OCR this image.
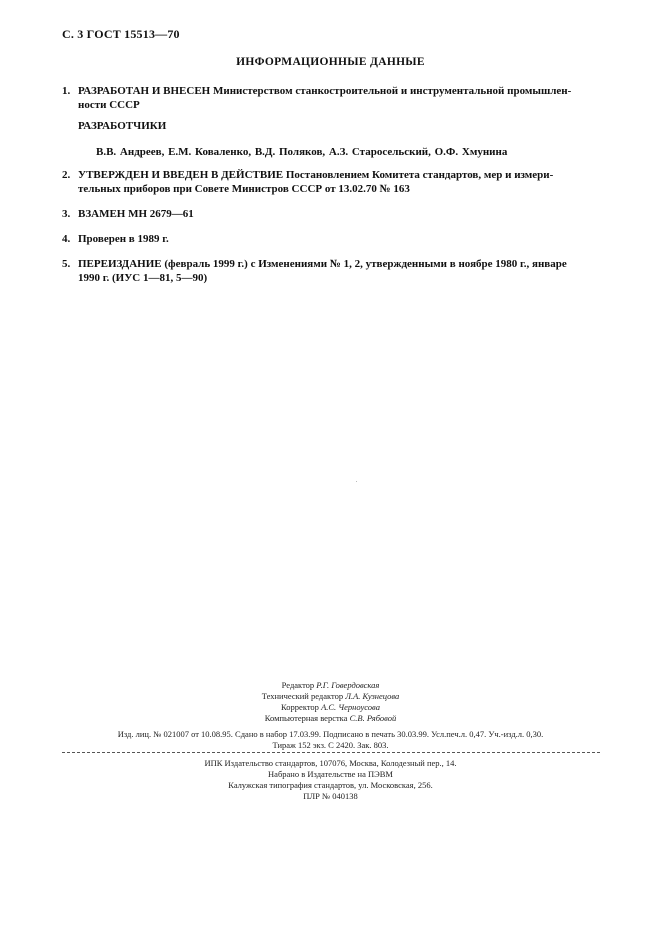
С. 3 ГОСТ 15513—70
ИНФОРМАЦИОННЫЕ ДАННЫЕ
1. РАЗРАБОТАН И ВНЕСЕН Министерством станкостроительной и инструментальной промышлен-
ности СССР
РАЗРАБОТЧИКИ
В.В. Андреев, Е.М. Коваленко, В.Д. Поляков, А.З. Старосельский, О.Ф. Хмунина
2. УТВЕРЖДЕН И ВВЕДЕН В ДЕЙСТВИЕ Постановлением Комитета стандартов, мер и измери-
тельных приборов при Совете Министров СССР от 13.02.70 № 163
3. ВЗАМЕН МН 2679—61
4. Проверен в 1989 г.
5. ПЕРЕИЗДАНИЕ (февраль 1999 г.) с Изменениями № 1, 2, утвержденными в ноябре 1980 г., январе
1990 г. (ИУС 1—81, 5—90)
Редактор Р.Г. Говердовская
Технический редактор Л.А. Кузнецова
Корректор А.С. Черноусова
Компьютерная верстка С.В. Рябовой
Изд. лиц. № 021007 от 10.08.95. Сдано в набор 17.03.99. Подписано в печать 30.03.99. Усл.печ.л. 0,47. Уч.-изд.л. 0,30.
Тираж 152 экз. С 2420. Зак. 803.
ИПК Издательство стандартов, 107076, Москва, Колодезный пер., 14.
Набрано в Издательстве на ПЭВМ
Калужская типография стандартов, ул. Московская, 256.
ПЛР № 040138
